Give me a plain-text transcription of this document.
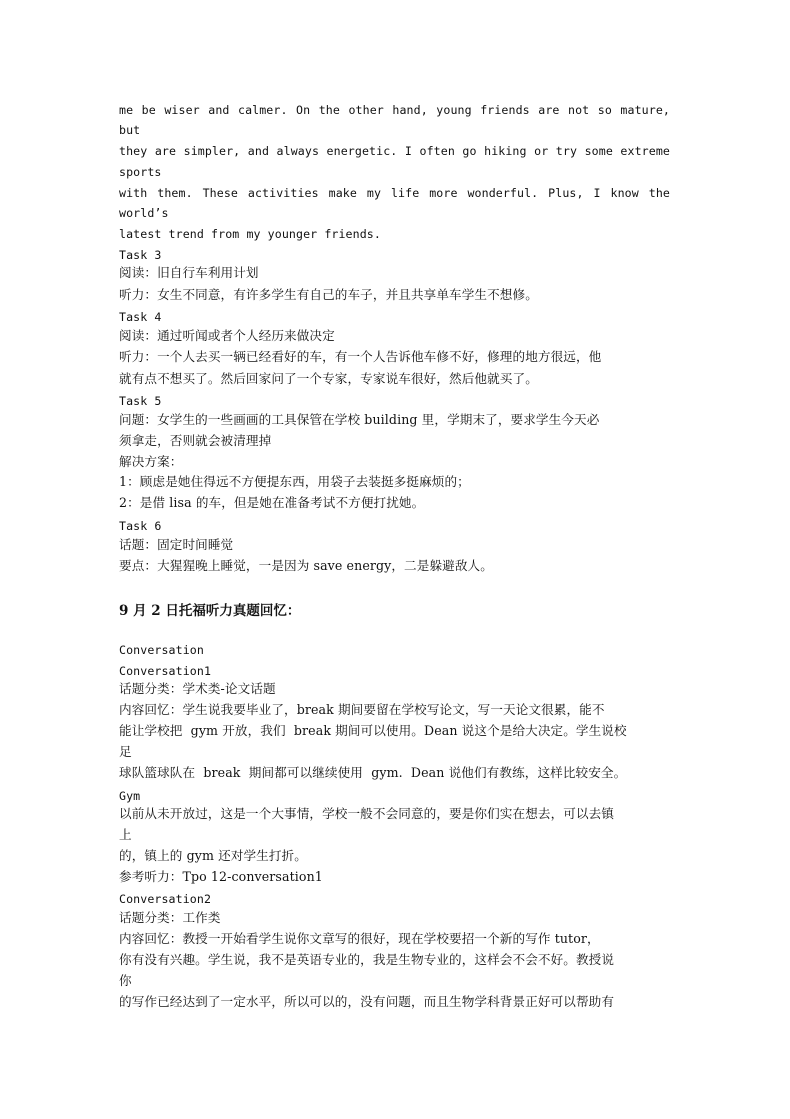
me be wiser and calmer. On the other hand, young friends are not so mature,
but
they are simpler, and always energetic. I often go hiking or try some extreme
sports
with them. These activities make my life more wonderful. Plus, I know the
world’s
latest trend from my younger friends.
Task 3
阅读：旧自行车利用计划
听力：女生不同意，有许多学生有自己的车子，并且共享单车学生不想修。
Task 4
阅读：通过听闻或者个人经历来做决定
听力：一个人去买一辆已经看好的车，有一个人告诉他车修不好，修理的地方很远，他
就有点不想买了。然后回家问了一个专家，专家说车很好，然后他就买了。
Task 5
问题：女学生的一些画画的工具保管在学校 building 里，学期末了，要求学生今天必
须拿走，否则就会被清理掉
解决方案：
1：顾虑是她住得远不方便提东西，用袋子去装挺多挺麻烦的；
2：是借 lisa 的车，但是她在准备考试不方便打扰她。
Task 6
话题：固定时间睡觉
要点：大猩猩晚上睡觉，一是因为 save energy，二是躲避敌人。
9 月 2 日托福听力真题回忆：
Conversation
Conversation1
话题分类：学术类-论文话题
内容回忆：学生说我要毕业了，break 期间要留在学校写论文，写一天论文很累，能不
能让学校把  gym 开放，我们  break 期间可以使用。Dean 说这个是给大决定。学生说校
足
球队篮球队在  break  期间都可以继续使用  gym.  Dean 说他们有教练，这样比较安全。
Gym
以前从未开放过，这是一个大事情，学校一般不会同意的，要是你们实在想去，可以去镇
上
的，镇上的 gym 还对学生打折。
参考听力：Tpo 12-conversation1
Conversation2
话题分类：工作类
内容回忆：教授一开始看学生说你文章写的很好，现在学校要招一个新的写作 tutor，
你有没有兴趣。学生说，我不是英语专业的，我是生物专业的，这样会不会不好。教授说
你
的写作已经达到了一定水平，所以可以的，没有问题，而且生物学科背景正好可以帮助有
